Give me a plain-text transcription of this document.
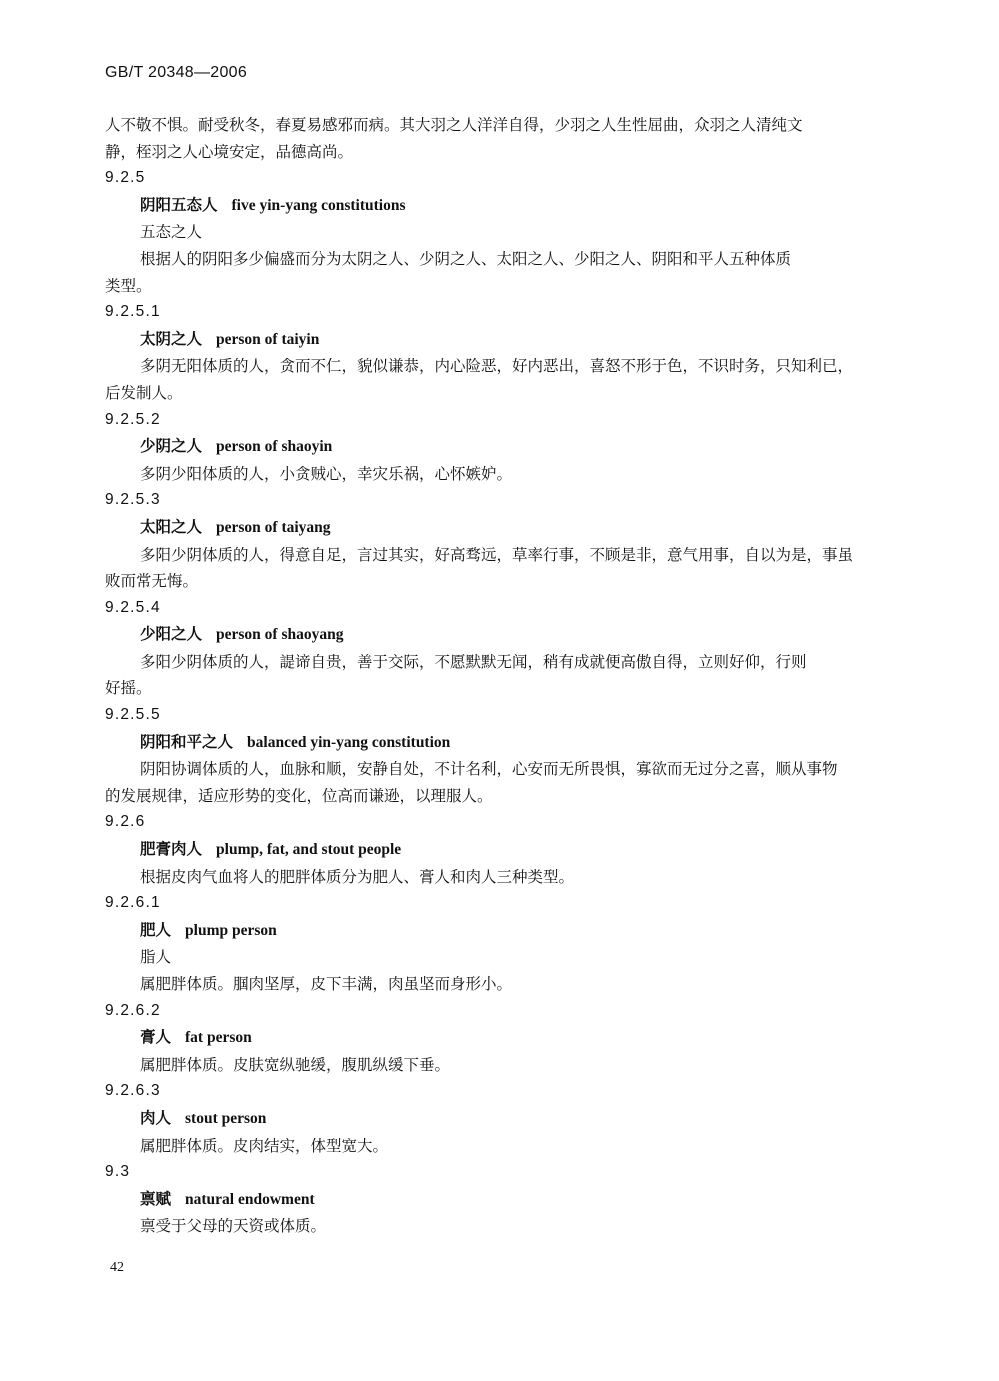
GB/T 20348—2006

人不敬不惧。耐受秋冬，春夏易感邪而病。其大羽之人洋洋自得，少羽之人生性屈曲，众羽之人清纯文

静，桎羽之人心境安定，品德高尚。

9.2.5

阴阳五态人 five yin-yang constitutions

五态之人

根据人的阴阳多少偏盛而分为太阴之人、少阴之人、太阳之人、少阳之人、阴阳和平人五种体质

类型。

9.2.5.1

太阴之人 person of taiyin

多阴无阳体质的人，贪而不仁，貌似谦恭，内心险恶，好内恶出，喜怒不形于色，不识时务，只知利已，

后发制人。

9.2.5.2

少阴之人 person of shaoyin

多阴少阳体质的人，小贪贼心，幸灾乐祸，心怀嫉妒。

9.2.5.3

太阳之人 person of taiyang

多阳少阴体质的人，得意自足，言过其实，好高骛远，草率行事，不顾是非，意气用事，自以为是，事虽

败而常无悔。

9.2.5.4

少阳之人 person of shaoyang

多阳少阴体质的人，諟谛自贵，善于交际，不愿默默无闻，稍有成就便高傲自得，立则好仰，行则

好摇。

9.2.5.5

阴阳和平之人 balanced yin-yang constitution

阴阳协调体质的人，血脉和顺，安静自处，不计名利，心安而无所畏惧，寡欲而无过分之喜，顺从事物

的发展规律，适应形势的变化，位高而谦逊，以理服人。

9.2.6

肥膏肉人 plump, fat, and stout people

根据皮肉气血将人的肥胖体质分为肥人、膏人和肉人三种类型。

9.2.6.1

肥人 plump person

脂人

属肥胖体质。腘肉坚厚，皮下丰满，肉虽坚而身形小。

9.2.6.2

膏人 fat person

属肥胖体质。皮肤宽纵驰缓，腹肌纵缓下垂。

9.2.6.3

肉人 stout person

属肥胖体质。皮肉结实，体型宽大。

9.3

禀赋 natural endowment

禀受于父母的天资或体质。

42
